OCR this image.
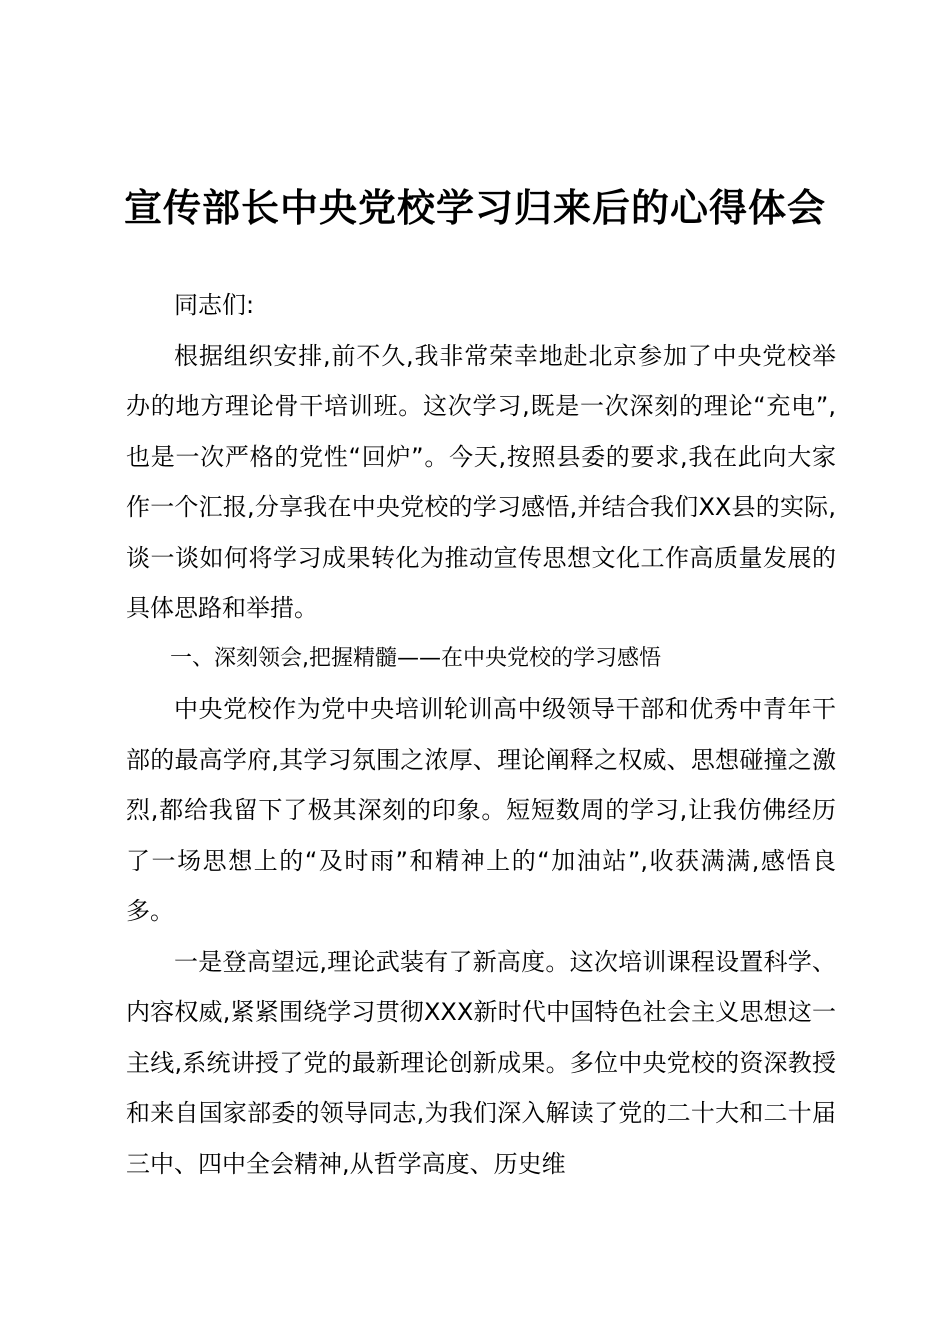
宣传部长中央党校学习归来后的心得体会

同志们:

根据组织安排,前不久,我非常荣幸地赴北京参加了中央党校举办的地方理论骨干培训班。这次学习,既是一次深刻的理论“充电”,也是一次严格的党性“回炉”。今天,按照县委的要求,我在此向大家作一个汇报,分享我在中央党校的学习感悟,并结合我们XX县的实际,谈一谈如何将学习成果转化为推动宣传思想文化工作高质量发展的具体思路和举措。

一、深刻领会,把握精髓——在中央党校的学习感悟

中央党校作为党中央培训轮训高中级领导干部和优秀中青年干部的最高学府,其学习氛围之浓厚、理论阐释之权威、思想碰撞之激烈,都给我留下了极其深刻的印象。短短数周的学习,让我仿佛经历了一场思想上的“及时雨”和精神上的“加油站”,收获满满,感悟良多。

一是登高望远,理论武装有了新高度。这次培训课程设置科学、内容权威,紧紧围绕学习贯彻XXX新时代中国特色社会主义思想这一主线,系统讲授了党的最新理论创新成果。多位中央党校的资深教授和来自国家部委的领导同志,为我们深入解读了党的二十大和二十届三中、四中全会精神,从哲学高度、历史维
